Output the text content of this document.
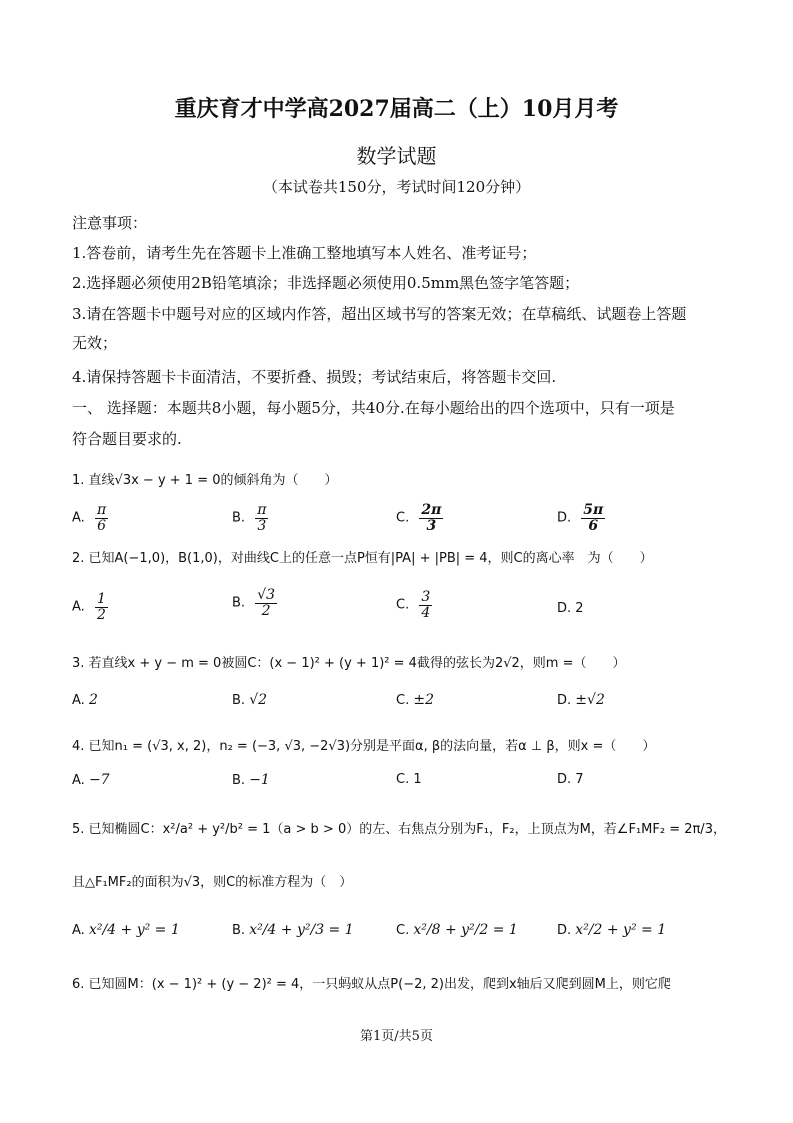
重庆育才中学高2027届高二（上）10月月考
数学试题
（本试卷共150分，考试时间120分钟）
注意事项：
1.答卷前，请考生先在答题卡上准确工整地填写本人姓名、准考证号；
2.选择题必须使用2B铅笔填涂；非选择题必须使用0.5mm黑色签字笔答题；
3.请在答题卡中题号对应的区域内作答，超出区域书写的答案无效；在草稿纸、试题卷上答题
无效；
4.请保持答题卡卡面清洁，不要折叠、损毁；考试结束后，将答题卡交回.
一、 选择题：本题共8小题，每小题5分，共40分.在每小题给出的四个选项中，只有一项是
符合题目要求的.
1. 直线√3x − y + 1 = 0的倾斜角为（　　）
A. $\frac{\pi}{6}$	B. $\frac{\pi}{3}$	C. $\frac{2\pi}{3}$	D. $\frac{5\pi}{6}$
2. 已知A(−1,0)，B(1,0)，对曲线C上的任意一点P恒有|PA| + |PB| = 4，则C的离心率　为（　　）
A. $\frac{1}{2}$	B. $\frac{√3}{2}$	C. $\frac{3}{4}$	D. 2
3. 若直线x + y − m = 0被圆C：(x − 1)² + (y + 1)² = 4截得的弦长为2√2，则m =（　　）
A. 2	B. √2	C. ±2	D. ±√2
4. 已知n₁ = (√3, x, 2)，n₂ = (−3, √3, −2√3)分别是平面α, β的法向量，若α ⊥ β，则x =（　　）
A. −7	B. −1	C. 1	D. 7
5. 已知椭圆C：x²/a² + y²/b² = 1（a > b > 0）的左、右焦点分别为F₁，F₂，上顶点为M，若∠F₁MF₂ = 2π/3，
且△F₁MF₂的面积为√3，则C的标准方程为（　）
A. x²/4 + y² = 1	B. x²/4 + y²/3 = 1	C. x²/8 + y²/2 = 1	D. x²/2 + y² = 1
6. 已知圆M：(x − 1)² + (y − 2)² = 4，一只蚂蚁从点P(−2, 2)出发，爬到x轴后又爬到圆M上，则它爬
第1页/共5页
